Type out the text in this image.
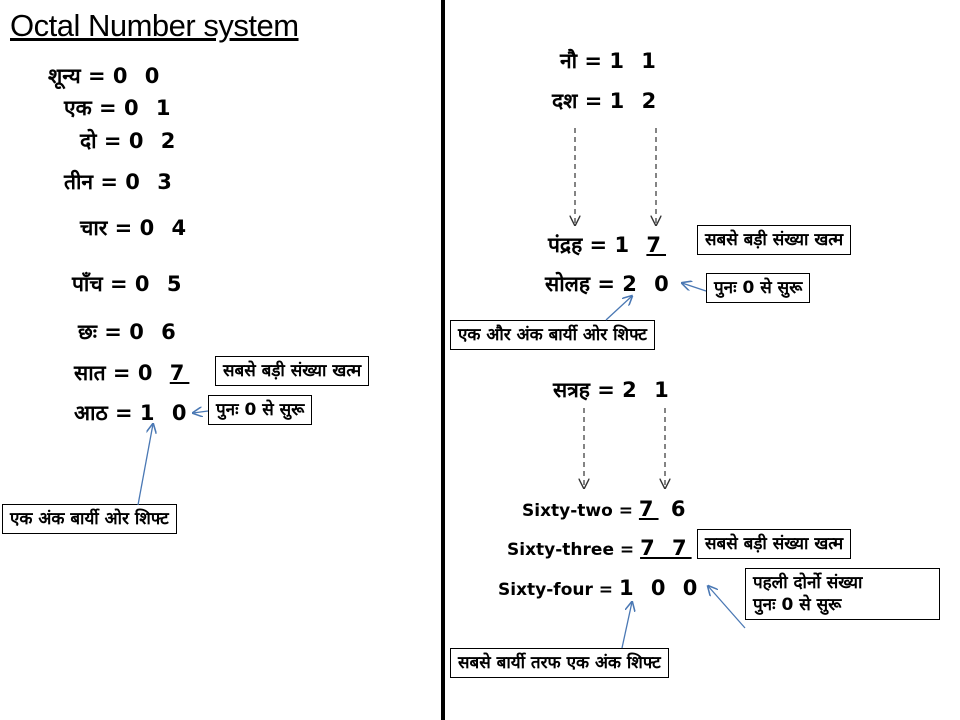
Octal Number system
शून्य = 0 0
एक = 0 1
दो = 0 2
तीन = 0 3
चार = 0 4
पाँच = 0 5
छः = 0 6
सात = 0 7
आठ = 1 0
सबसे बड़ी संख्या खत्म
पुनः 0 से सुरू
एक अंक बार्यी ओर शिफ्ट
नौ = 1 1
दश = 1 2
पंद्रह = 1 7
सोलह = 2 0
सत्रह = 2 1
Sixty-two = 7 6
Sixty-three = 7 7
Sixty-four = 1 0 0
सबसे बड़ी संख्या खत्म
पुनः 0 से सुरू
एक और अंक बार्यी ओर शिफ्ट
सबसे बड़ी संख्या खत्म
पहली दोर्नो संख्या
पुनः 0 से सुरू
सबसे बार्यी तरफ एक अंक शिफ्ट
